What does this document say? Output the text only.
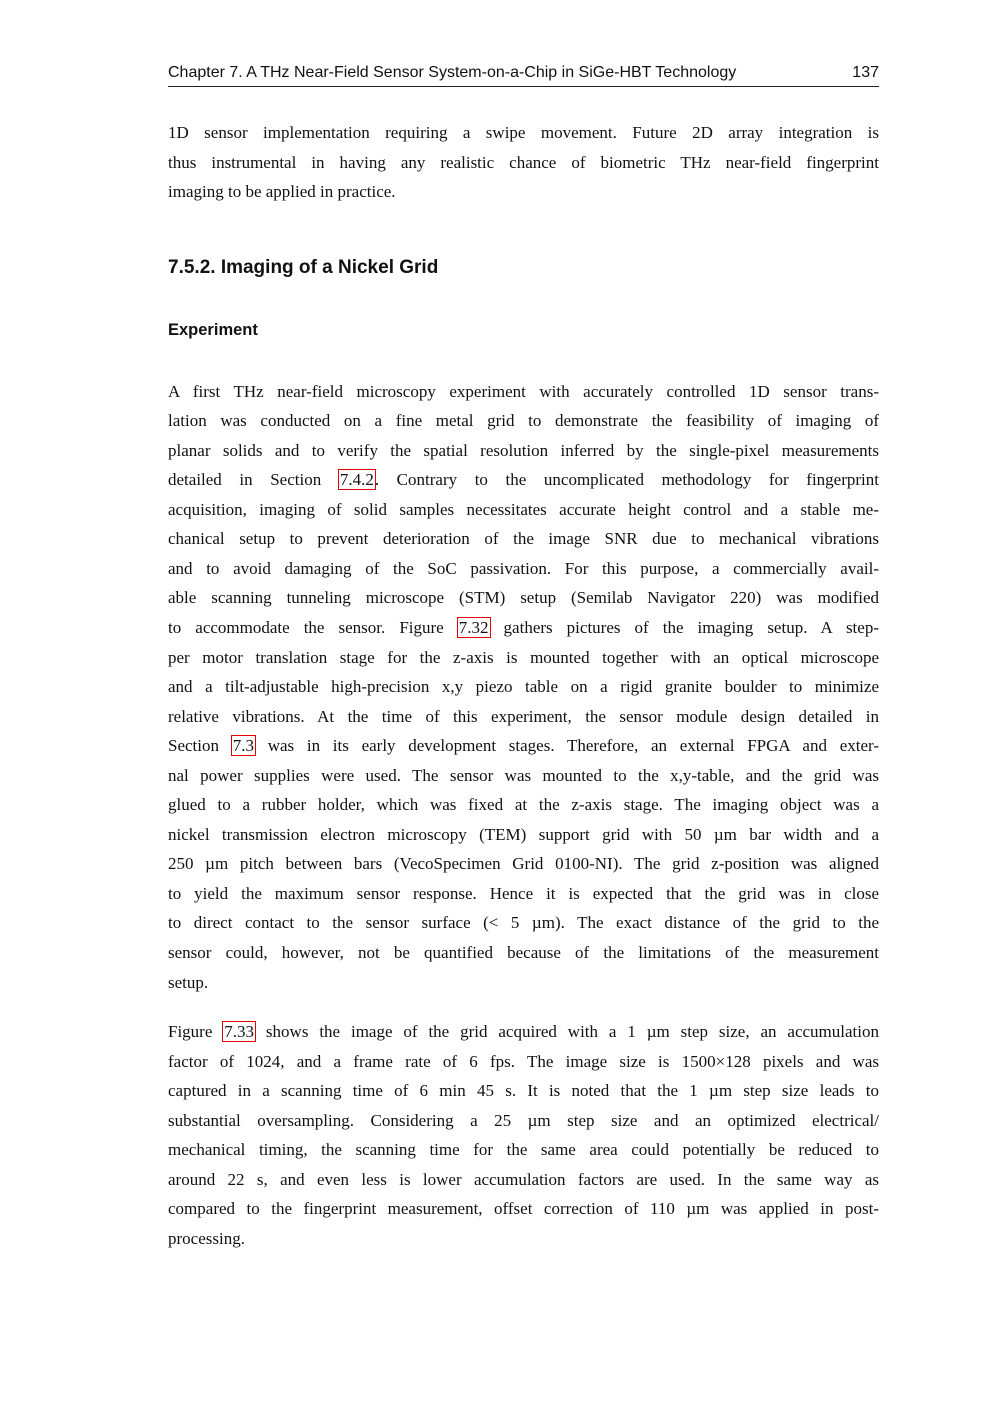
Chapter 7. A THz Near-Field Sensor System-on-a-Chip in SiGe-HBT Technology	137
1D sensor implementation requiring a swipe movement. Future 2D array integration is
thus instrumental in having any realistic chance of biometric THz near-field fingerprint
imaging to be applied in practice.
7.5.2. Imaging of a Nickel Grid
Experiment
A first THz near-field microscopy experiment with accurately controlled 1D sensor trans-
lation was conducted on a fine metal grid to demonstrate the feasibility of imaging of
planar solids and to verify the spatial resolution inferred by the single-pixel measurements
detailed in Section 7.4.2. Contrary to the uncomplicated methodology for fingerprint
acquisition, imaging of solid samples necessitates accurate height control and a stable me-
chanical setup to prevent deterioration of the image SNR due to mechanical vibrations
and to avoid damaging of the SoC passivation. For this purpose, a commercially avail-
able scanning tunneling microscope (STM) setup (Semilab Navigator 220) was modified
to accommodate the sensor. Figure 7.32 gathers pictures of the imaging setup. A step-
per motor translation stage for the z-axis is mounted together with an optical microscope
and a tilt-adjustable high-precision x,y piezo table on a rigid granite boulder to minimize
relative vibrations. At the time of this experiment, the sensor module design detailed in
Section 7.3 was in its early development stages. Therefore, an external FPGA and exter-
nal power supplies were used. The sensor was mounted to the x,y-table, and the grid was
glued to a rubber holder, which was fixed at the z-axis stage. The imaging object was a
nickel transmission electron microscopy (TEM) support grid with 50 µm bar width and a
250 µm pitch between bars (VecoSpecimen Grid 0100-NI). The grid z-position was aligned
to yield the maximum sensor response. Hence it is expected that the grid was in close
to direct contact to the sensor surface (< 5 µm). The exact distance of the grid to the
sensor could, however, not be quantified because of the limitations of the measurement
setup.
Figure 7.33 shows the image of the grid acquired with a 1 µm step size, an accumulation
factor of 1024, and a frame rate of 6 fps. The image size is 1500×128 pixels and was
captured in a scanning time of 6 min 45 s. It is noted that the 1 µm step size leads to
substantial oversampling. Considering a 25 µm step size and an optimized electrical/
mechanical timing, the scanning time for the same area could potentially be reduced to
around 22 s, and even less is lower accumulation factors are used. In the same way as
compared to the fingerprint measurement, offset correction of 110 µm was applied in post-
processing.
